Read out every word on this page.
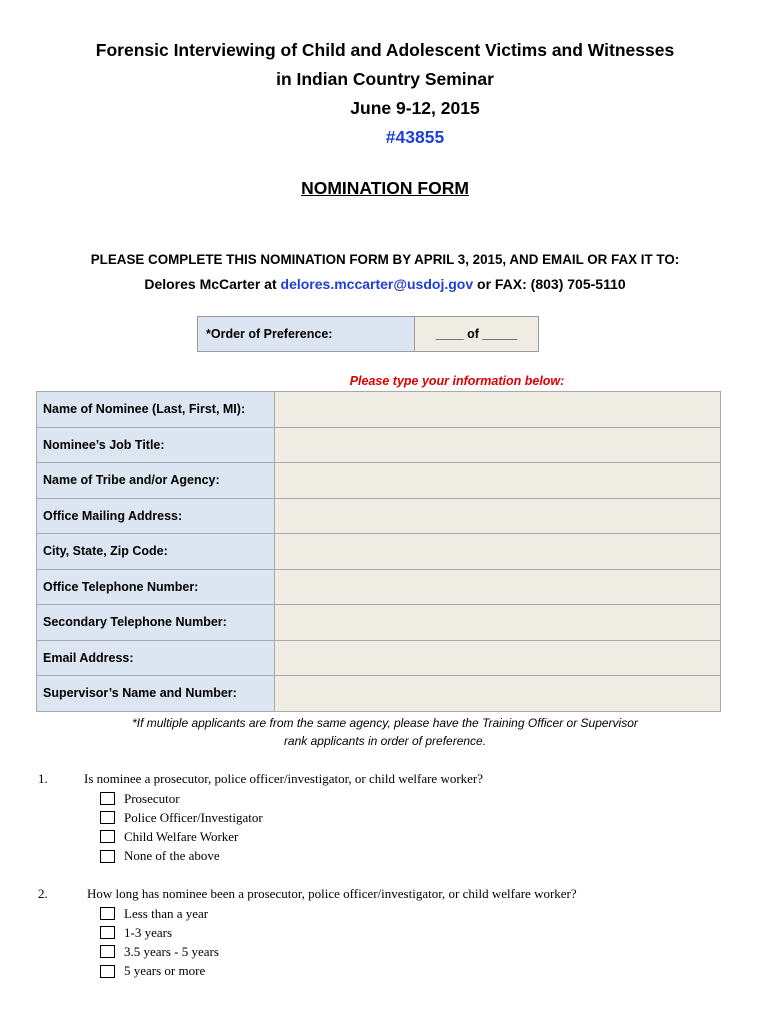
Forensic Interviewing of Child and Adolescent Victims and Witnesses
in Indian Country Seminar
June 9-12, 2015
#43855
NOMINATION FORM
PLEASE COMPLETE THIS NOMINATION FORM BY APRIL 3, 2015, AND EMAIL OR FAX IT TO:
Delores McCarter at delores.mccarter@usdoj.gov or FAX: (803) 705-5110
*Order of Preference:	____ of _____
Please type your information below:
Name of Nominee (Last, First, MI):	
Nominee’s Job Title:	
Name of Tribe and/or Agency:	
Office Mailing Address:	
City, State, Zip Code:	
Office Telephone Number:	
Secondary Telephone Number:	
Email Address:	
Supervisor’s Name and Number:	
*If multiple applicants are from the same agency, please have the Training Officer or Supervisor
rank applicants in order of preference.
1.	Is nominee a prosecutor, police officer/investigator, or child welfare worker?
Prosecutor
Police Officer/Investigator
Child Welfare Worker
None of the above
2.	How long has nominee been a prosecutor, police officer/investigator, or child welfare worker?
Less than a year
1-3 years
3.5 years - 5 years
5 years or more
